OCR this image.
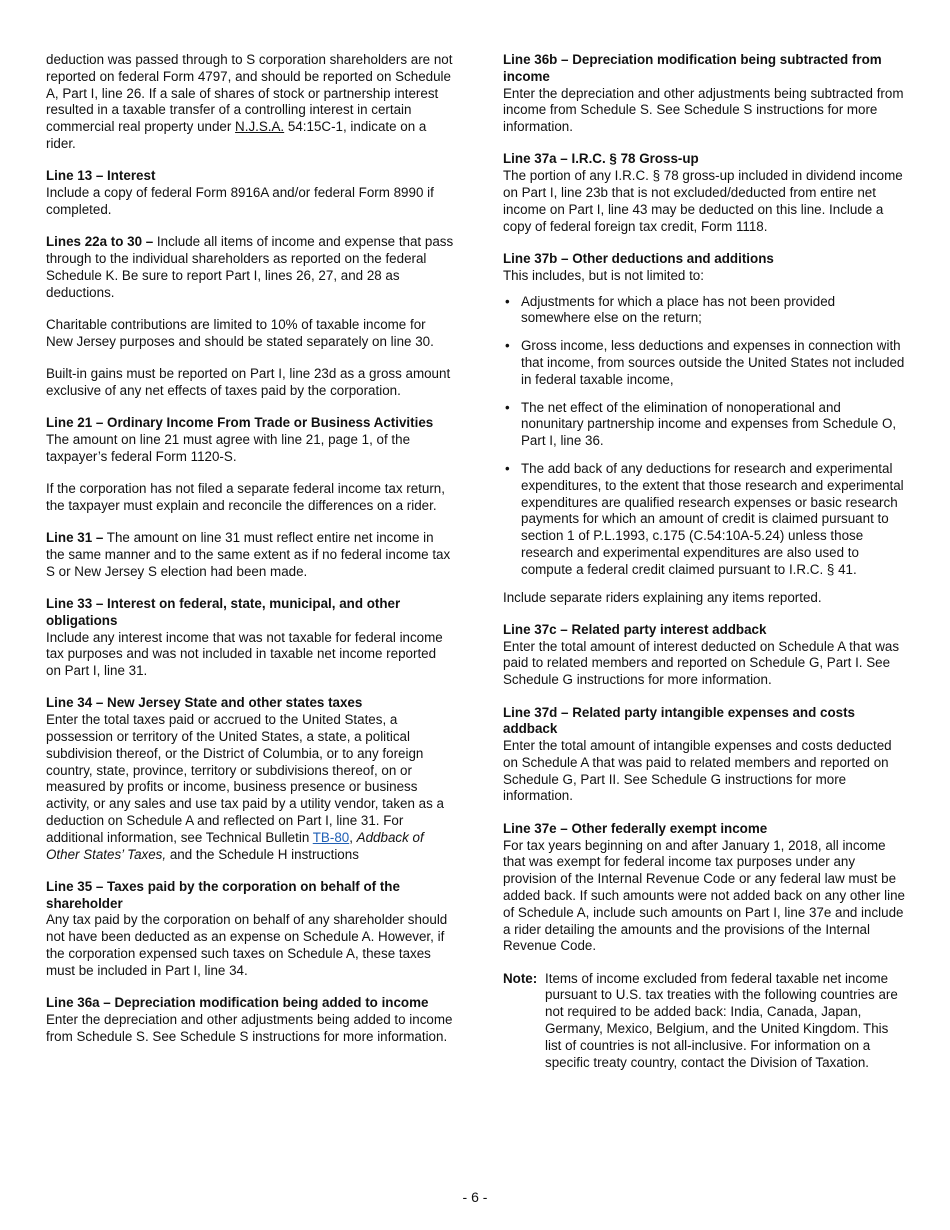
deduction was passed through to S corporation shareholders are not reported on federal Form 4797, and should be reported on Schedule A, Part I, line 26. If a sale of shares of stock or partnership interest resulted in a taxable transfer of a controlling interest in certain commercial real property under N.J.S.A. 54:15C-1, indicate on a rider.

Line 13 – Interest
Include a copy of federal Form 8916A and/or federal Form 8990 if completed.

Lines 22a to 30 – Include all items of income and expense that pass through to the individual shareholders as reported on the federal Schedule K. Be sure to report Part I, lines 26, 27, and 28 as deductions.

Charitable contributions are limited to 10% of taxable income for New Jersey purposes and should be stated separately on line 30.

Built-in gains must be reported on Part I, line 23d as a gross amount exclusive of any net effects of taxes paid by the corporation.

Line 21 – Ordinary Income From Trade or Business Activities
The amount on line 21 must agree with line 21, page 1, of the taxpayer’s federal Form 1120-S.

If the corporation has not filed a separate federal income tax return, the taxpayer must explain and reconcile the differences on a rider.

Line 31 – The amount on line 31 must reflect entire net income in the same manner and to the same extent as if no federal income tax S or New Jersey S election had been made.

Line 33 – Interest on federal, state, municipal, and other obligations
Include any interest income that was not taxable for federal income tax purposes and was not included in taxable net income reported on Part I, line 31.
Line 34 – New Jersey State and other states taxes
Enter the total taxes paid or accrued to the United States, a possession or territory of the United States, a state, a political subdivision thereof, or the District of Columbia, or to any foreign country, state, province, territory or subdivisions thereof, on or measured by profits or income, business presence or business activity, or any sales and use tax paid by a utility vendor, taken as a deduction on Schedule A and reflected on Part I, line 31. For additional information, see Technical Bulletin TB-80, Addback of Other States’ Taxes, and the Schedule H instructions
Line 35 – Taxes paid by the corporation on behalf of the shareholder
Any tax paid by the corporation on behalf of any shareholder should not have been deducted as an expense on Schedule A. However, if the corporation expensed such taxes on Schedule A, these taxes must be included in Part I, line 34.
Line 36a – Depreciation modification being added to income
Enter the depreciation and other adjustments being added to income from Schedule S. See Schedule S instructions for more information.
Line 36b – Depreciation modification being subtracted from income
Enter the depreciation and other adjustments being subtracted from income from Schedule S. See Schedule S instructions for more information.
Line 37a – I.R.C. § 78 Gross-up
The portion of any I.R.C. § 78 gross-up included in dividend income on Part I, line 23b that is not excluded/deducted from entire net income on Part I, line 43 may be deducted on this line. Include a copy of federal foreign tax credit, Form 1118.
Line 37b – Other deductions and additions
This includes, but is not limited to:
• Adjustments for which a place has not been provided somewhere else on the return;
• Gross income, less deductions and expenses in connection with that income, from sources outside the United States not included in federal taxable income,
• The net effect of the elimination of nonoperational and nonunitary partnership income and expenses from Schedule O, Part I, line 36.
• The add back of any deductions for research and experimental expenditures, to the extent that those research and experimental expenditures are qualified research expenses or basic research payments for which an amount of credit is claimed pursuant to section 1 of P.L.1993, c.175 (C.54:10A-5.24) unless those research and experimental expenditures are also used to compute a federal credit claimed pursuant to I.R.C. § 41.

Include separate riders explaining any items reported.

Line 37c – Related party interest addback
Enter the total amount of interest deducted on Schedule A that was paid to related members and reported on Schedule G, Part I. See Schedule G instructions for more information.
Line 37d – Related party intangible expenses and costs addback
Enter the total amount of intangible expenses and costs deducted on Schedule A that was paid to related members and reported on Schedule G, Part II. See Schedule G instructions for more information.
Line 37e – Other federally exempt income
For tax years beginning on and after January 1, 2018, all income that was exempt for federal income tax purposes under any provision of the Internal Revenue Code or any federal law must be added back. If such amounts were not added back on any other line of Schedule A, include such amounts on Part I, line 37e and include a rider detailing the amounts and the provisions of the Internal Revenue Code.
Note: Items of income excluded from federal taxable net income pursuant to U.S. tax treaties with the following countries are not required to be added back: India, Canada, Japan, Germany, Mexico, Belgium, and the United Kingdom. This list of countries is not all-inclusive. For information on a specific treaty country, contact the Division of Taxation.
- 6 -
